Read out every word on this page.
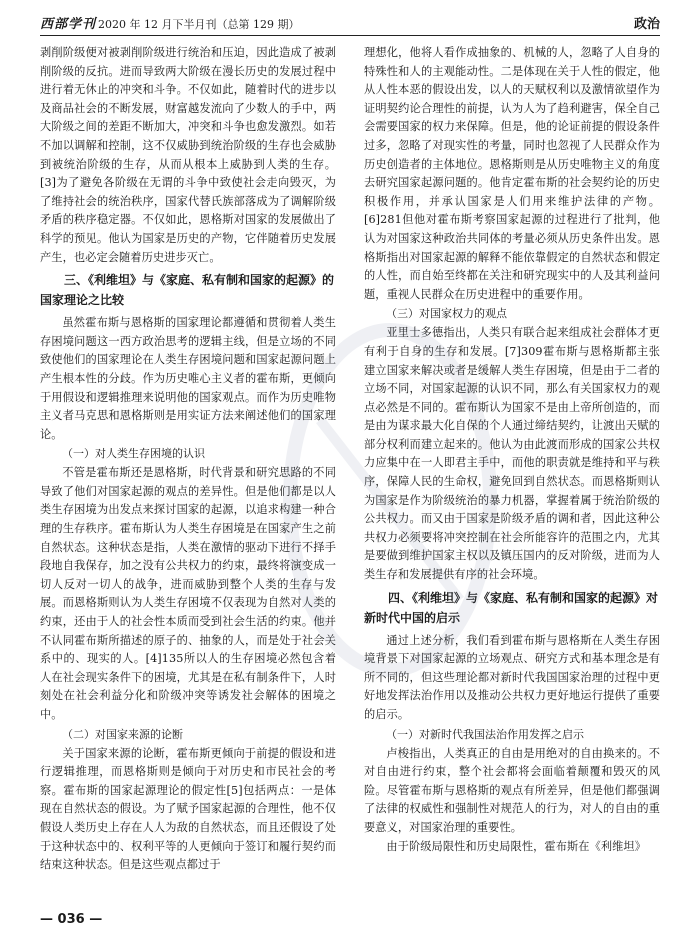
西部学刊 2020 年 12 月下半月刊（总第 129 期）	政治

剥削阶级便对被剥削阶级进行统治和压迫，因此造成了被剥削阶级的反抗。进而导致两大阶级在漫长历史的发展过程中进行着无休止的冲突和斗争。不仅如此，随着时代的进步以及商品社会的不断发展，财富越发流向了少数人的手中，两大阶级之间的差距不断加大，冲突和斗争也愈发激烈。如若不加以调解和控制，这不仅威胁到统治阶级的生存也会威胁到被统治阶级的生存，从而从根本上威胁到人类的生存。[3]为了避免各阶级在无谓的斗争中致使社会走向毁灭，为了维持社会的统治秩序，国家代替氏族部落成为了调解阶级矛盾的秩序稳定器。不仅如此，恩格斯对国家的发展做出了科学的预见。他认为国家是历史的产物，它伴随着历史发展产生，也必定会随着历史进步灭亡。

三、《利维坦》与《家庭、私有制和国家的起源》的国家理论之比较

虽然霍布斯与恩格斯的国家理论都遵循和贯彻着人类生存困境问题这一西方政治思考的逻辑主线，但是立场的不同致使他们的国家理论在人类生存困境问题和国家起源问题上产生根本性的分歧。作为历史唯心主义者的霍布斯，更倾向于用假设和逻辑推理来说明他的国家观点。而作为历史唯物主义者马克思和恩格斯则是用实证方法来阐述他们的国家理论。

（一）对人类生存困境的认识

不管是霍布斯还是恩格斯，时代背景和研究思路的不同导致了他们对国家起源的观点的差异性。但是他们都是以人类生存困境为出发点来探讨国家的起源，以追求构建一种合理的生存秩序。霍布斯认为人类生存困境是在国家产生之前自然状态。这种状态是指，人类在激情的驱动下进行不择手段地自我保存，加之没有公共权力的约束，最终将演变成一切人反对一切人的战争，进而威胁到整个人类的生存与发展。而恩格斯则认为人类生存困境不仅表现为自然对人类的约束，还由于人的社会性本质而受到社会生活的约束。他并不认同霍布斯所描述的原子的、抽象的人，而是处于社会关系中的、现实的人。[4]135所以人的生存困境必然包含着人在社会现实条件下的困境，尤其是在私有制条件下，人时刻处在社会利益分化和阶级冲突等诱发社会解体的困境之中。

（二）对国家来源的论断

关于国家来源的论断，霍布斯更倾向于前提的假设和进行逻辑推理，而恩格斯则是倾向于对历史和市民社会的考察。霍布斯的国家起源理论的假定性[5]包括两点：一是体现在自然状态的假设。为了赋予国家起源的合理性，他不仅假设人类历史上存在人人为敌的自然状态，而且还假设了处于这种状态中的、权利平等的人更倾向于签订和履行契约而结束这种状态。但是这些观点都过于

理想化，他将人看作成抽象的、机械的人，忽略了人自身的特殊性和人的主观能动性。二是体现在关于人性的假定，他从人性本恶的假设出发，以人的天赋权利以及激情欲望作为证明契约论合理性的前提，认为人为了趋利避害，保全自己会需要国家的权力来保障。但是，他的论证前提的假设条件过多，忽略了对现实性的考量，同时也忽视了人民群众作为历史创造者的主体地位。恩格斯则是从历史唯物主义的角度去研究国家起源问题的。他肯定霍布斯的社会契约论的历史积极作用，并承认国家是人们用来维护法律的产物。[6]281但他对霍布斯考察国家起源的过程进行了批判，他认为对国家这种政治共同体的考量必须从历史条件出发。恩格斯指出对国家起源的解释不能依靠假定的自然状态和假定的人性，而自始至终都在关注和研究现实中的人及其利益问题，重视人民群众在历史进程中的重要作用。

（三）对国家权力的观点

亚里士多德指出，人类只有联合起来组成社会群体才更有利于自身的生存和发展。[7]309霍布斯与恩格斯都主张建立国家来解决或者是缓解人类生存困境，但是由于二者的立场不同，对国家起源的认识不同，那么有关国家权力的观点必然是不同的。霍布斯认为国家不是由上帝所创造的，而是由为谋求最大化自保的个人通过缔结契约，让渡出天赋的部分权利而建立起来的。他认为由此渡而形成的国家公共权力应集中在一人即君主手中，而他的职责就是维持和平与秩序，保障人民的生命权，避免回到自然状态。而恩格斯则认为国家是作为阶级统治的暴力机器，掌握着属于统治阶级的公共权力。而又由于国家是阶级矛盾的调和者，因此这种公共权力必须要将冲突控制在社会所能容许的范围之内，尤其是要做到维护国家主权以及镇压国内的反对阶级，进而为人类生存和发展提供有序的社会环境。

四、《利维坦》与《家庭、私有制和国家的起源》对新时代中国的启示

通过上述分析，我们看到霍布斯与恩格斯在人类生存困境背景下对国家起源的立场观点、研究方式和基本理念是有所不同的，但这些理论都对新时代我国国家治理的过程中更好地发挥法治作用以及推动公共权力更好地运行提供了重要的启示。

（一）对新时代我国法治作用发挥之启示

卢梭指出，人类真正的自由是用绝对的自由换来的。不对自由进行约束，整个社会都将会面临着颠覆和毁灭的风险。尽管霍布斯与恩格斯的观点有所差异，但是他们都强调了法律的权威性和强制性对规范人的行为，对人的自由的重要意义，对国家治理的重要性。

由于阶级局限性和历史局限性，霍布斯在《利维坦》

— 036 —
